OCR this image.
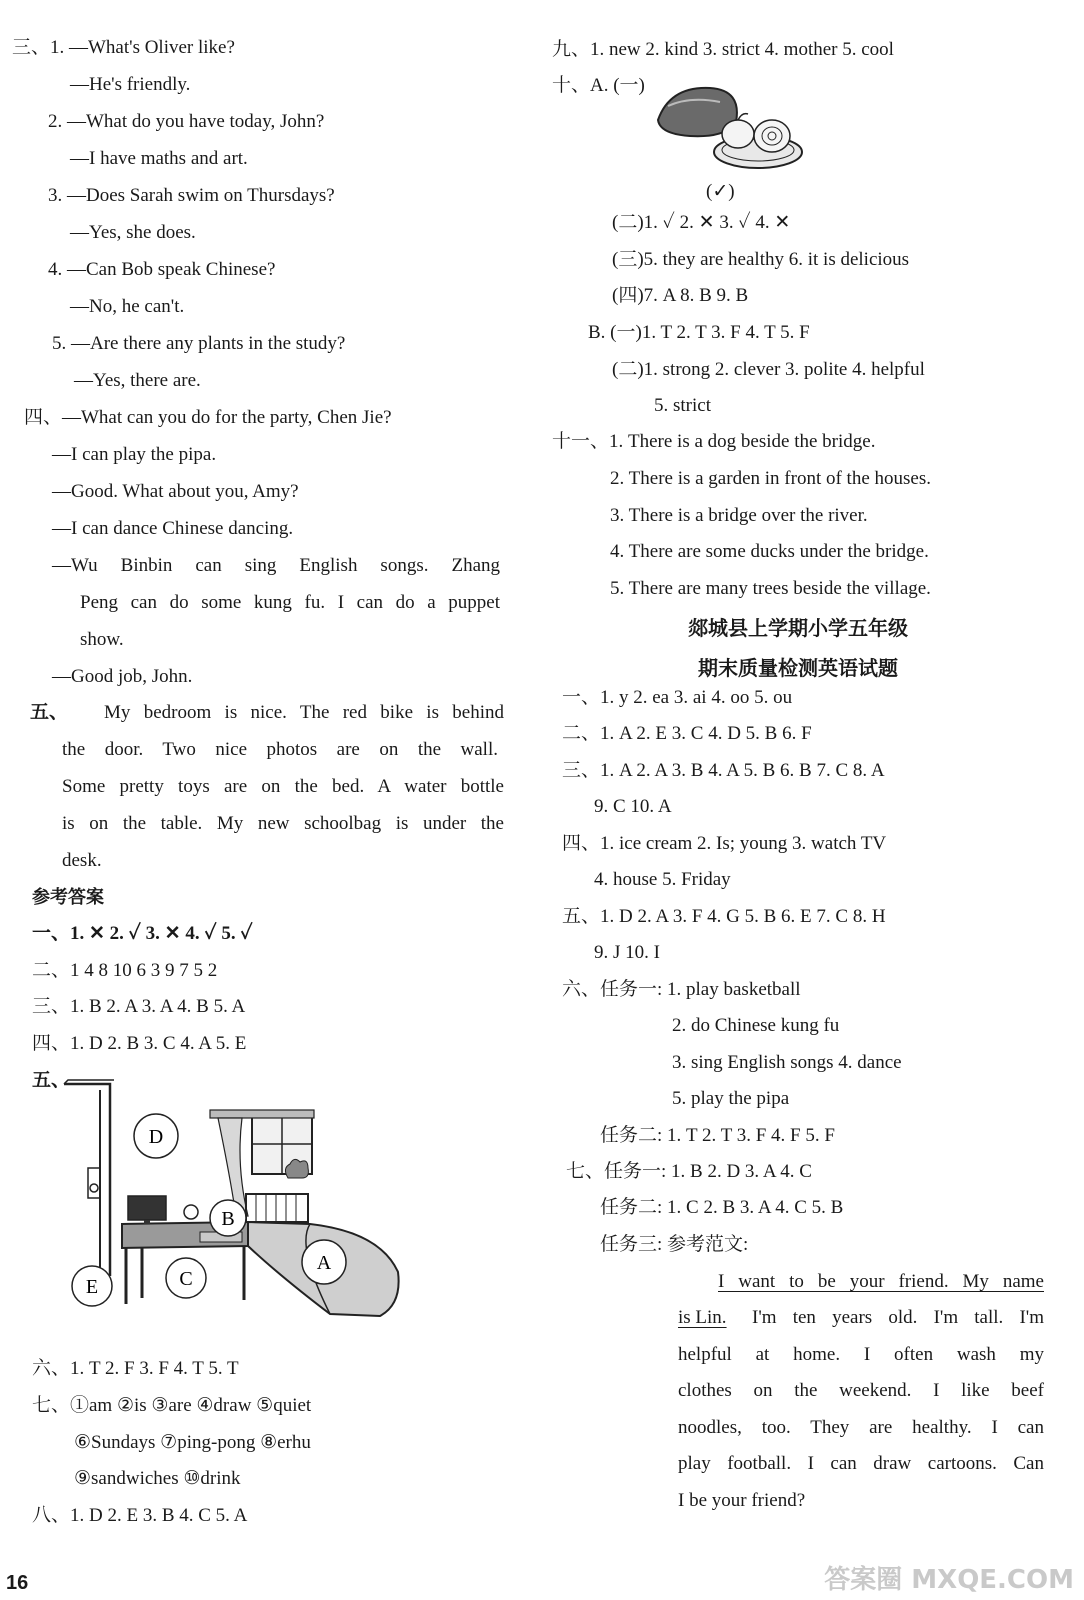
三、1. —What's Oliver like?
—He's friendly.
2. —What do you have today, John?
—I have maths and art.
3. —Does Sarah swim on Thursdays?
—Yes, she does.
4. —Can Bob speak Chinese?
—No, he can't.
5. —Are there any plants in the study?
—Yes, there are.
四、—What can you do for the party, Chen Jie?
—I can play the pipa.
—Good. What about you, Amy?
—I can dance Chinese dancing.
—Wu Binbin can sing English songs. Zhang
Peng can do some kung fu. I can do a puppet
show.
—Good job, John.
五、 My bedroom is nice. The red bike is behind
the door. Two nice photos are on the wall.
Some pretty toys are on the bed. A water bottle
is on the table. My new schoolbag is under the
desk.
参考答案
一、1. ✕ 2. ✓ 3. ✕ 4. ✓ 5. ✓
二、1 4 8 10 6 3 9 7 5 2
三、1. B 2. A 3. A 4. B 5. A
四、1. D 2. B 3. C 4. A 5. E
五、
D
B
A
C
E
六、1. T 2. F 3. F 4. T 5. T
七、①am ②is ③are ④draw ⑤quiet
⑥Sundays ⑦ping-pong ⑧erhu
⑨sandwiches ⑩drink
八、1. D 2. E 3. B 4. C 5. A
九、1. new 2. kind 3. strict 4. mother 5. cool
十、A. (一)
(✓)
(二)1. ✓ 2. ✕ 3. ✓ 4. ✕
(三)5. they are healthy 6. it is delicious
(四)7. A 8. B 9. B
B. (一)1. T 2. T 3. F 4. T 5. F
(二)1. strong 2. clever 3. polite 4. helpful
5. strict
十一、1. There is a dog beside the bridge.
2. There is a garden in front of the houses.
3. There is a bridge over the river.
4. There are some ducks under the bridge.
5. There are many trees beside the village.
郯城县上学期小学五年级
期末质量检测英语试题
一、1. y 2. ea 3. ai 4. oo 5. ou
二、1. A 2. E 3. C 4. D 5. B 6. F
三、1. A 2. A 3. B 4. A 5. B 6. B 7. C 8. A
9. C 10. A
四、1. ice cream 2. Is; young 3. watch TV
4. house 5. Friday
五、1. D 2. A 3. F 4. G 5. B 6. E 7. C 8. H
9. J 10. I
六、任务一: 1. play basketball
2. do Chinese kung fu
3. sing English songs 4. dance
5. play the pipa
任务二: 1. T 2. T 3. F 4. F 5. F
七、任务一: 1. B 2. D 3. A 4. C
任务二: 1. C 2. B 3. A 4. C 5. B
任务三: 参考范文:
I want to be your friend. My name
is Lin. I'm ten years old. I'm tall. I'm
helpful at home. I often wash my
clothes on the weekend. I like beef
noodles, too. They are healthy. I can
play football. I can draw cartoons. Can
I be your friend?
16	答案圈 MXQE.COM
